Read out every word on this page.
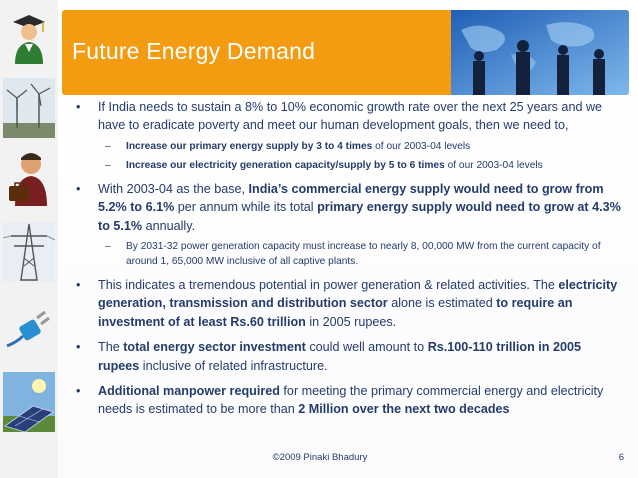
Future Energy Demand
• If India needs to sustain a 8% to 10% economic growth rate over the next 25 years and we have to eradicate poverty and meet our human development goals, then we need to,
– Increase our primary energy supply by 3 to 4 times of our 2003-04 levels
– Increase our electricity generation capacity/supply by 5 to 6 times of our 2003-04 levels
• With 2003-04 as the base, India’s commercial energy supply would need to grow from 5.2% to 6.1% per annum while its total primary energy supply would need to grow at 4.3% to 5.1% annually.
– By 2031-32 power generation capacity must increase to nearly 8, 00,000 MW from the current capacity of around 1, 65,000 MW inclusive of all captive plants.
• This indicates a tremendous potential in power generation & related activities. The electricity generation, transmission and distribution sector alone is estimated to require an investment of at least Rs.60 trillion in 2005 rupees.
• The total energy sector investment could well amount to Rs.100-110 trillion in 2005 rupees inclusive of related infrastructure.
• Additional manpower required for meeting the primary commercial energy and electricity needs is estimated to be more than 2 Million over the next two decades
©2009 Pinaki Bhadury	6
